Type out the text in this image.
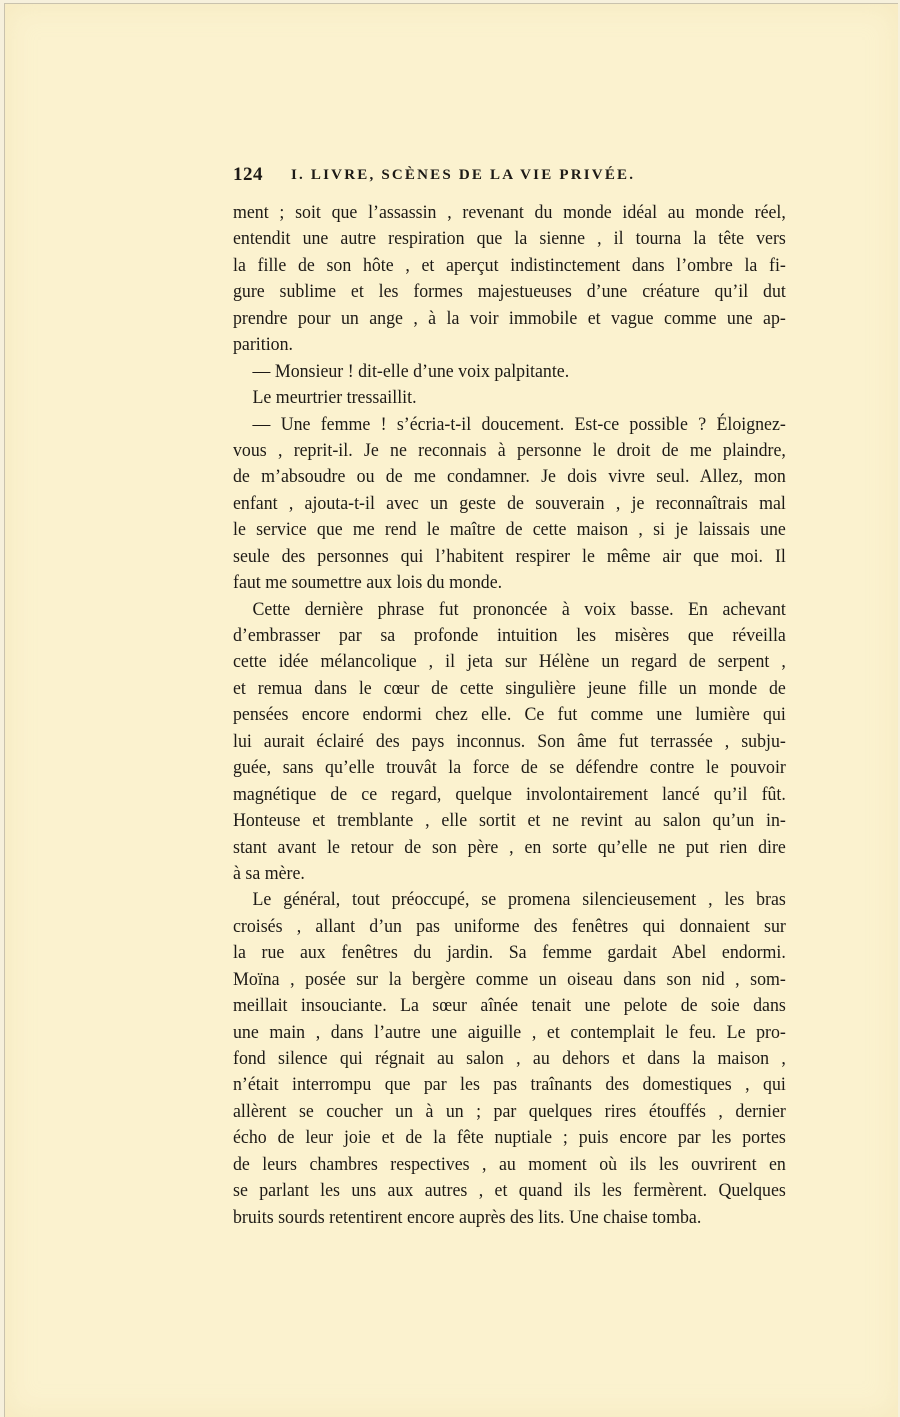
124 I. LIVRE, SCÈNES DE LA VIE PRIVÉE.
ment ; soit que l’assassin , revenant du monde idéal au monde réel,
entendit une autre respiration que la sienne , il tourna la tête vers
la fille de son hôte , et aperçut indistinctement dans l’ombre la fi-
gure sublime et les formes majestueuses d’une créature qu’il dut
prendre pour un ange , à la voir immobile et vague comme une ap-
parition.
— Monsieur ! dit-elle d’une voix palpitante.
Le meurtrier tressaillit.
— Une femme ! s’écria-t-il doucement. Est-ce possible ? Éloignez-
vous , reprit-il. Je ne reconnais à personne le droit de me plaindre,
de m’absoudre ou de me condamner. Je dois vivre seul. Allez, mon
enfant , ajouta-t-il avec un geste de souverain , je reconnaîtrais mal
le service que me rend le maître de cette maison , si je laissais une
seule des personnes qui l’habitent respirer le même air que moi. Il
faut me soumettre aux lois du monde.
Cette dernière phrase fut prononcée à voix basse. En achevant
d’embrasser par sa profonde intuition les misères que réveilla
cette idée mélancolique , il jeta sur Hélène un regard de serpent ,
et remua dans le cœur de cette singulière jeune fille un monde de
pensées encore endormi chez elle. Ce fut comme une lumière qui
lui aurait éclairé des pays inconnus. Son âme fut terrassée , subju-
guée, sans qu’elle trouvât la force de se défendre contre le pouvoir
magnétique de ce regard, quelque involontairement lancé qu’il fût.
Honteuse et tremblante , elle sortit et ne revint au salon qu’un in-
stant avant le retour de son père , en sorte qu’elle ne put rien dire
à sa mère.
Le général, tout préoccupé, se promena silencieusement , les bras
croisés , allant d’un pas uniforme des fenêtres qui donnaient sur
la rue aux fenêtres du jardin. Sa femme gardait Abel endormi.
Moïna , posée sur la bergère comme un oiseau dans son nid , som-
meillait insouciante. La sœur aînée tenait une pelote de soie dans
une main , dans l’autre une aiguille , et contemplait le feu. Le pro-
fond silence qui régnait au salon , au dehors et dans la maison ,
n’était interrompu que par les pas traînants des domestiques , qui
allèrent se coucher un à un ; par quelques rires étouffés , dernier
écho de leur joie et de la fête nuptiale ; puis encore par les portes
de leurs chambres respectives , au moment où ils les ouvrirent en
se parlant les uns aux autres , et quand ils les fermèrent. Quelques
bruits sourds retentirent encore auprès des lits. Une chaise tomba.
